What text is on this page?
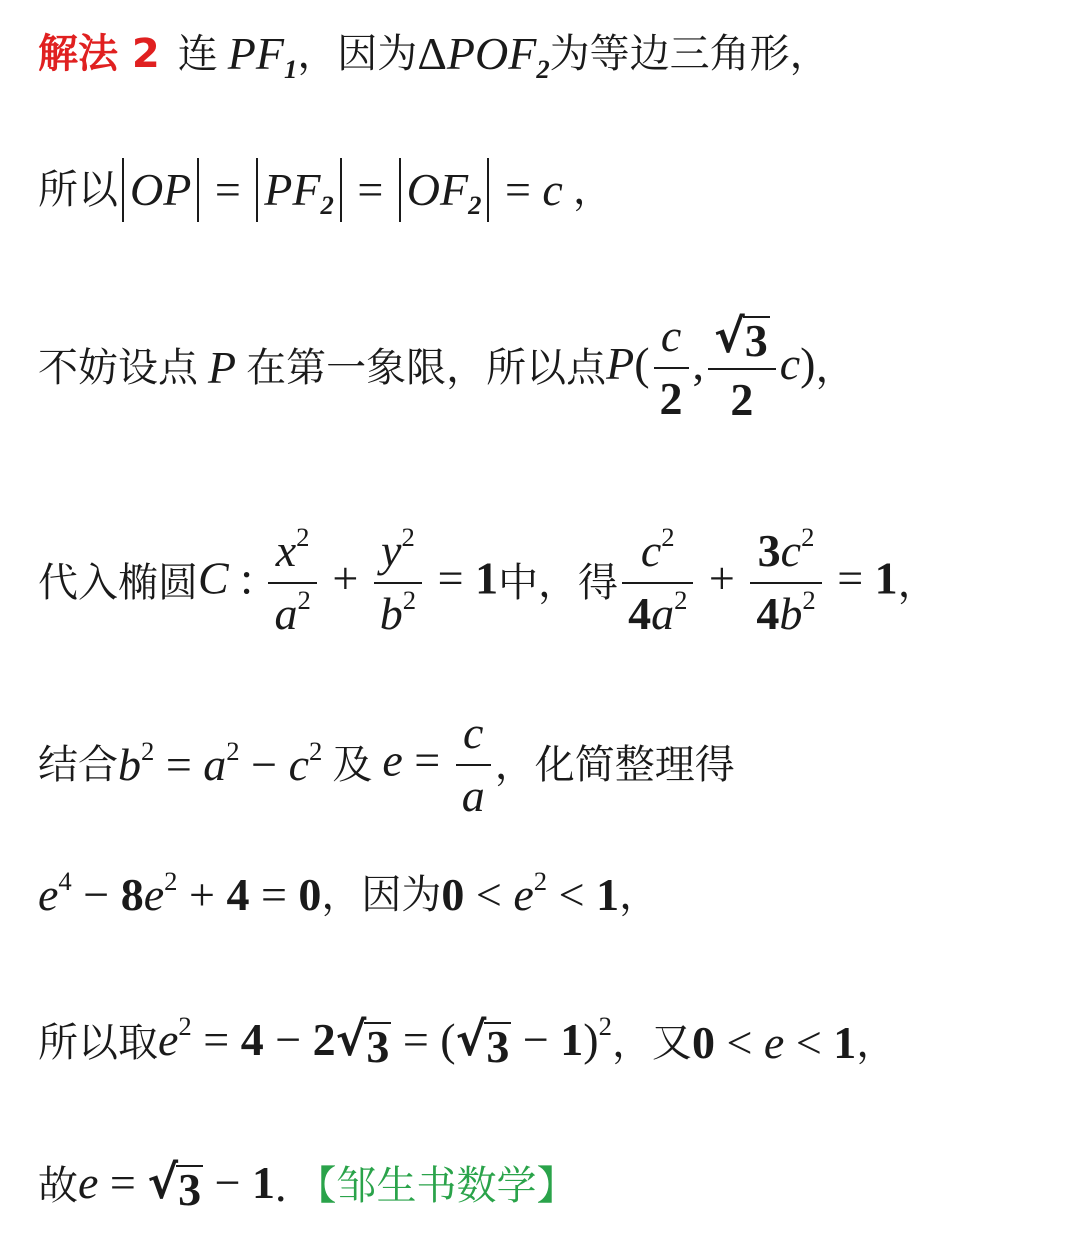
解法 2 连 $PF_1$ ，因为 $\Delta POF_2$ 为等边三角形，
所以 OP = $PF_2 = OF_2 = c$ ，
不妨设点 P 在第一象限，所以点 $P( \frac{c}{2}$ , $\frac{√ 3}{2} c$) ，
代入椭圆 C : $\frac{x^2}{a^2} + \frac{y^2}{b^2} = 1$ 中，得 $\frac{c^2}{4a^2} + \frac{3c^2}{4b^2} = 1$ ，
结合 $b^2 = a^2 - c^2$ 及 $e = \frac{c}{a}$ ，化简整理得
$e^4 - 8e^2 + 4 = 0$ ，因为 $0 < e^2 < 1$ ，
所以取 $e^2 = 4 - 2$ √ 3 = ( √ 3 − 1)$^2$ ，又 0 < e < 1 ，
故 e = √ 3 − 1 . 【邹生书数学】
